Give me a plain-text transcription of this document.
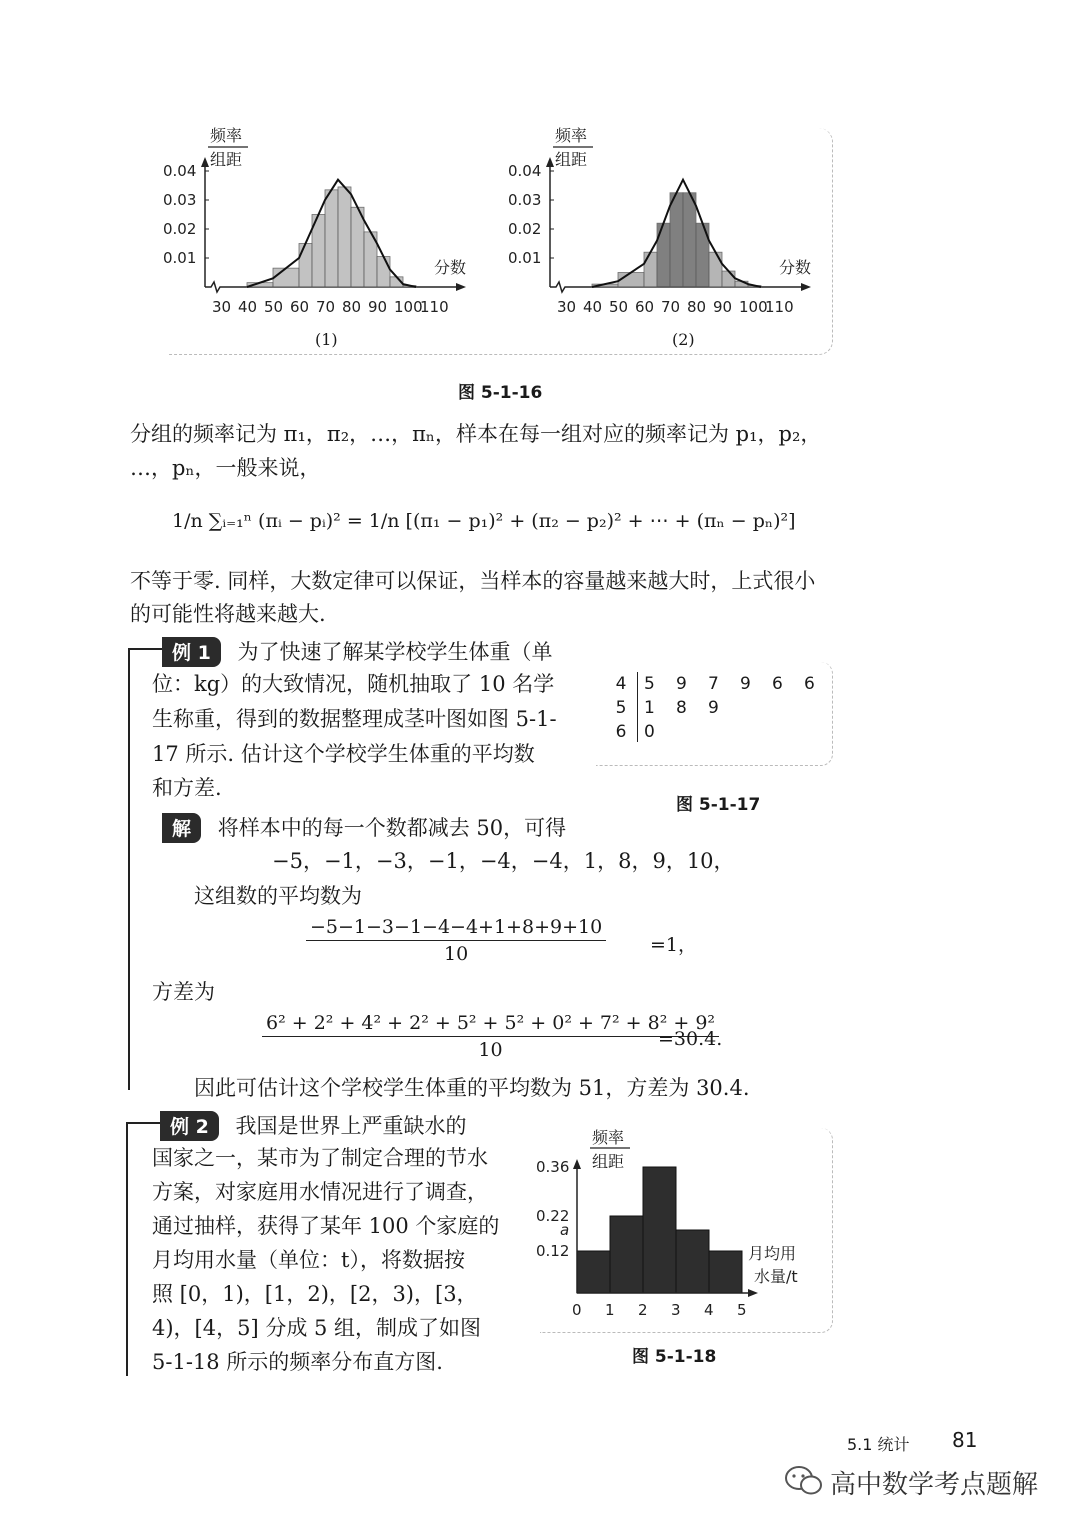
频率
组距
0.04
0.03
0.02
0.01
30 40 50 60 70 80 90 100
110
分数
频率
组距
0.04
0.03
0.02
0.01
30 40 50 60 70 80 90 100
110
分数
(1)	(2)
图 5-1-16
分组的频率记为 π₁，π₂，…，πₙ，样本在每一组对应的频率记为 p₁，p₂，
…，pₙ，一般来说，
1/n ∑ᵢ₌₁ⁿ (πᵢ − pᵢ)² = 1/n [(π₁ − p₁)² + (π₂ − p₂)² + ⋯ + (πₙ − pₙ)²]
不等于零. 同样，大数定律可以保证，当样本的容量越来越大时，上式很小
的可能性将越来越大.
例 1 为了快速了解某学校学生体重（单
位：kg）的大致情况，随机抽取了 10 名学
生称重，得到的数据整理成茎叶图如图 5-1-
17 所示. 估计这个学校学生体重的平均数
和方差.
4 5 9 7 9 6 6
5 1 8 9
6 0
图 5-1-17
解 将样本中的每一个数都减去 50，可得
−5，−1，−3，−1，−4，−4，1，8，9，10，
这组数的平均数为
$\frac{-5-1-3-1-4-4+1+8+9+10}{10} =1$，
方差为
$\frac{\text{6² + 2² + 4² + 2² + 5² + 5² + 0² + 7² + 8² + 9²}}{10}$
=30.4.
因此可估计这个学校学生体重的平均数为 51，方差为 30.4.
例 2 我国是世界上严重缺水的
国家之一，某市为了制定合理的节水
方案，对家庭用水情况进行了调查，
通过抽样，获得了某年 100 个家庭的
月均用水量（单位：t），将数据按
照 [0，1)，[1，2)，[2，3)，[3，
4)，[4，5] 分成 5 组，制成了如图
5-1-18 所示的频率分布直方图.
频率
组距
0.36
0.22
a
0.12
0 1 2 3 4 5
月均用
水量/t
图 5-1-18
5.1 统计 81
高中数学考点题解
